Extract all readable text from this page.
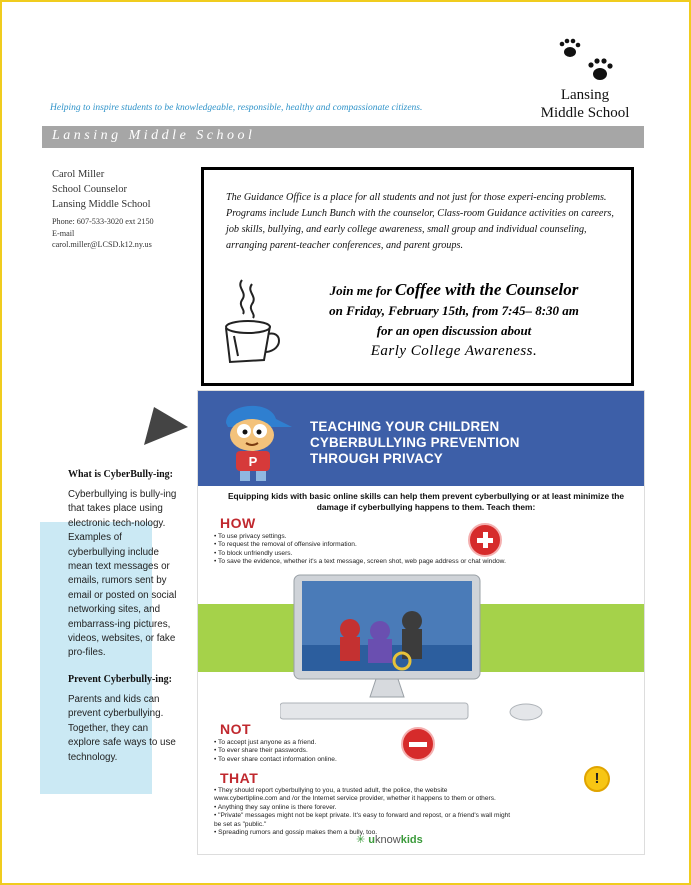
Helping to inspire students to be knowledgeable, responsible, healthy and compassionate citizens.
Lansing
Middle School
Lansing Middle School
Carol Miller
School Counselor
Lansing Middle School
Phone: 607-533-3020 ext 2150
E-mail
carol.miller@LCSD.k12.ny.us
The Guidance Office is a place for all students and not just for those experi-encing problems. Programs include Lunch Bunch with the counselor, Class-room Guidance activities on careers, job skills, bullying, and early college awareness, small group and individual counseling, arranging parent-teacher conferences, and parent groups.
Join me for Coffee with the Counselor
on Friday, February 15th, from 7:45– 8:30 am
for an open discussion about
Early College Awareness.
What is CyberBully-ing:

Cyberbullying is bully-ing that takes place using electronic tech-nology. Examples of cyberbullying include mean text messages or emails, rumors sent by email or posted on social networking sites, and embarrass-ing pictures, videos, websites, or fake pro-files.

Prevent Cyberbully-ing:

Parents and kids can prevent cyberbullying. Together, they can explore safe ways to use technology.

P
TEACHING YOUR CHILDREN
CYBERBULLYING PREVENTION
THROUGH PRIVACY
Equipping kids with basic online skills can help them prevent cyberbullying or at least minimize the damage if cyberbullying happens to them. Teach them:
HOW
• To use privacy settings.
• To request the removal of offensive information.
• To block unfriendly users.
• To save the evidence, whether it's a text message, screen shot, web page address or chat window.
NOT
• To accept just anyone as a friend.
• To ever share their passwords.
• To ever share contact information online.
THAT
• They should report cyberbullying to you, a trusted adult, the police, the website
www.cybertipline.com and /or the Internet service provider, whether it happens to them or others.
• Anything they say online is there forever.
• "Private" messages might not be kept private. It's easy to forward and repost, or a friend's wall might
be set as "public."
• Spreading rumors and gossip makes them a bully, too.
!
✳ uknowkids
